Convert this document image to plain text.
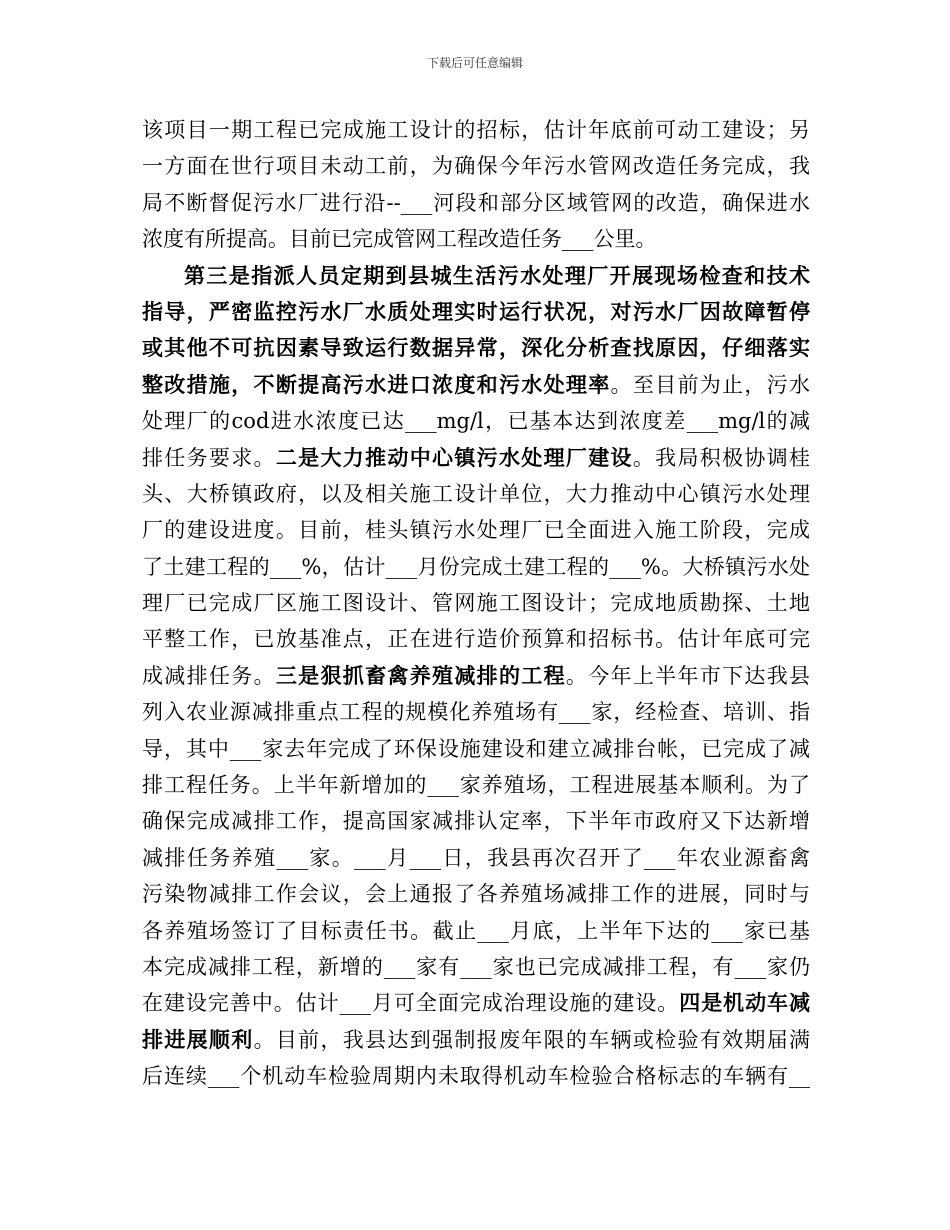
下载后可任意编辑
该项目一期工程已完成施工设计的招标，估计年底前可动工建设；另
一方面在世行项目未动工前，为确保今年污水管网改造任务完成，我
局不断督促污水厂进行沿--___河段和部分区域管网的改造，确保进水
浓度有所提高。目前已完成管网工程改造任务___公里。
第三是指派人员定期到县城生活污水处理厂开展现场检查和技术
指导，严密监控污水厂水质处理实时运行状况，对污水厂因故障暂停
或其他不可抗因素导致运行数据异常，深化分析查找原因，仔细落实
整改措施，不断提高污水进口浓度和污水处理率。至目前为止，污水
处理厂的cod进水浓度已达___mg/l，已基本达到浓度差___mg/l的减
排任务要求。二是大力推动中心镇污水处理厂建设。我局积极协调桂
头、大桥镇政府，以及相关施工设计单位，大力推动中心镇污水处理
厂的建设进度。目前，桂头镇污水处理厂已全面进入施工阶段，完成
了土建工程的___%，估计___月份完成土建工程的___%。大桥镇污水处
理厂已完成厂区施工图设计、管网施工图设计；完成地质勘探、土地
平整工作，已放基准点，正在进行造价预算和招标书。估计年底可完
成减排任务。三是狠抓畜禽养殖减排的工程。今年上半年市下达我县
列入农业源减排重点工程的规模化养殖场有___家，经检查、培训、指
导，其中___家去年完成了环保设施建设和建立减排台帐，已完成了减
排工程任务。上半年新增加的___家养殖场，工程进展基本顺利。为了
确保完成减排工作，提高国家减排认定率，下半年市政府又下达新增
减排任务养殖___家。___月___日，我县再次召开了___年农业源畜禽
污染物减排工作会议，会上通报了各养殖场减排工作的进展，同时与
各养殖场签订了目标责任书。截止___月底，上半年下达的___家已基
本完成减排工程，新增的___家有___家也已完成减排工程，有___家仍
在建设完善中。估计___月可全面完成治理设施的建设。四是机动车减
排进展顺利。目前，我县达到强制报废年限的车辆或检验有效期届满
后连续___个机动车检验周期内未取得机动车检验合格标志的车辆有__
